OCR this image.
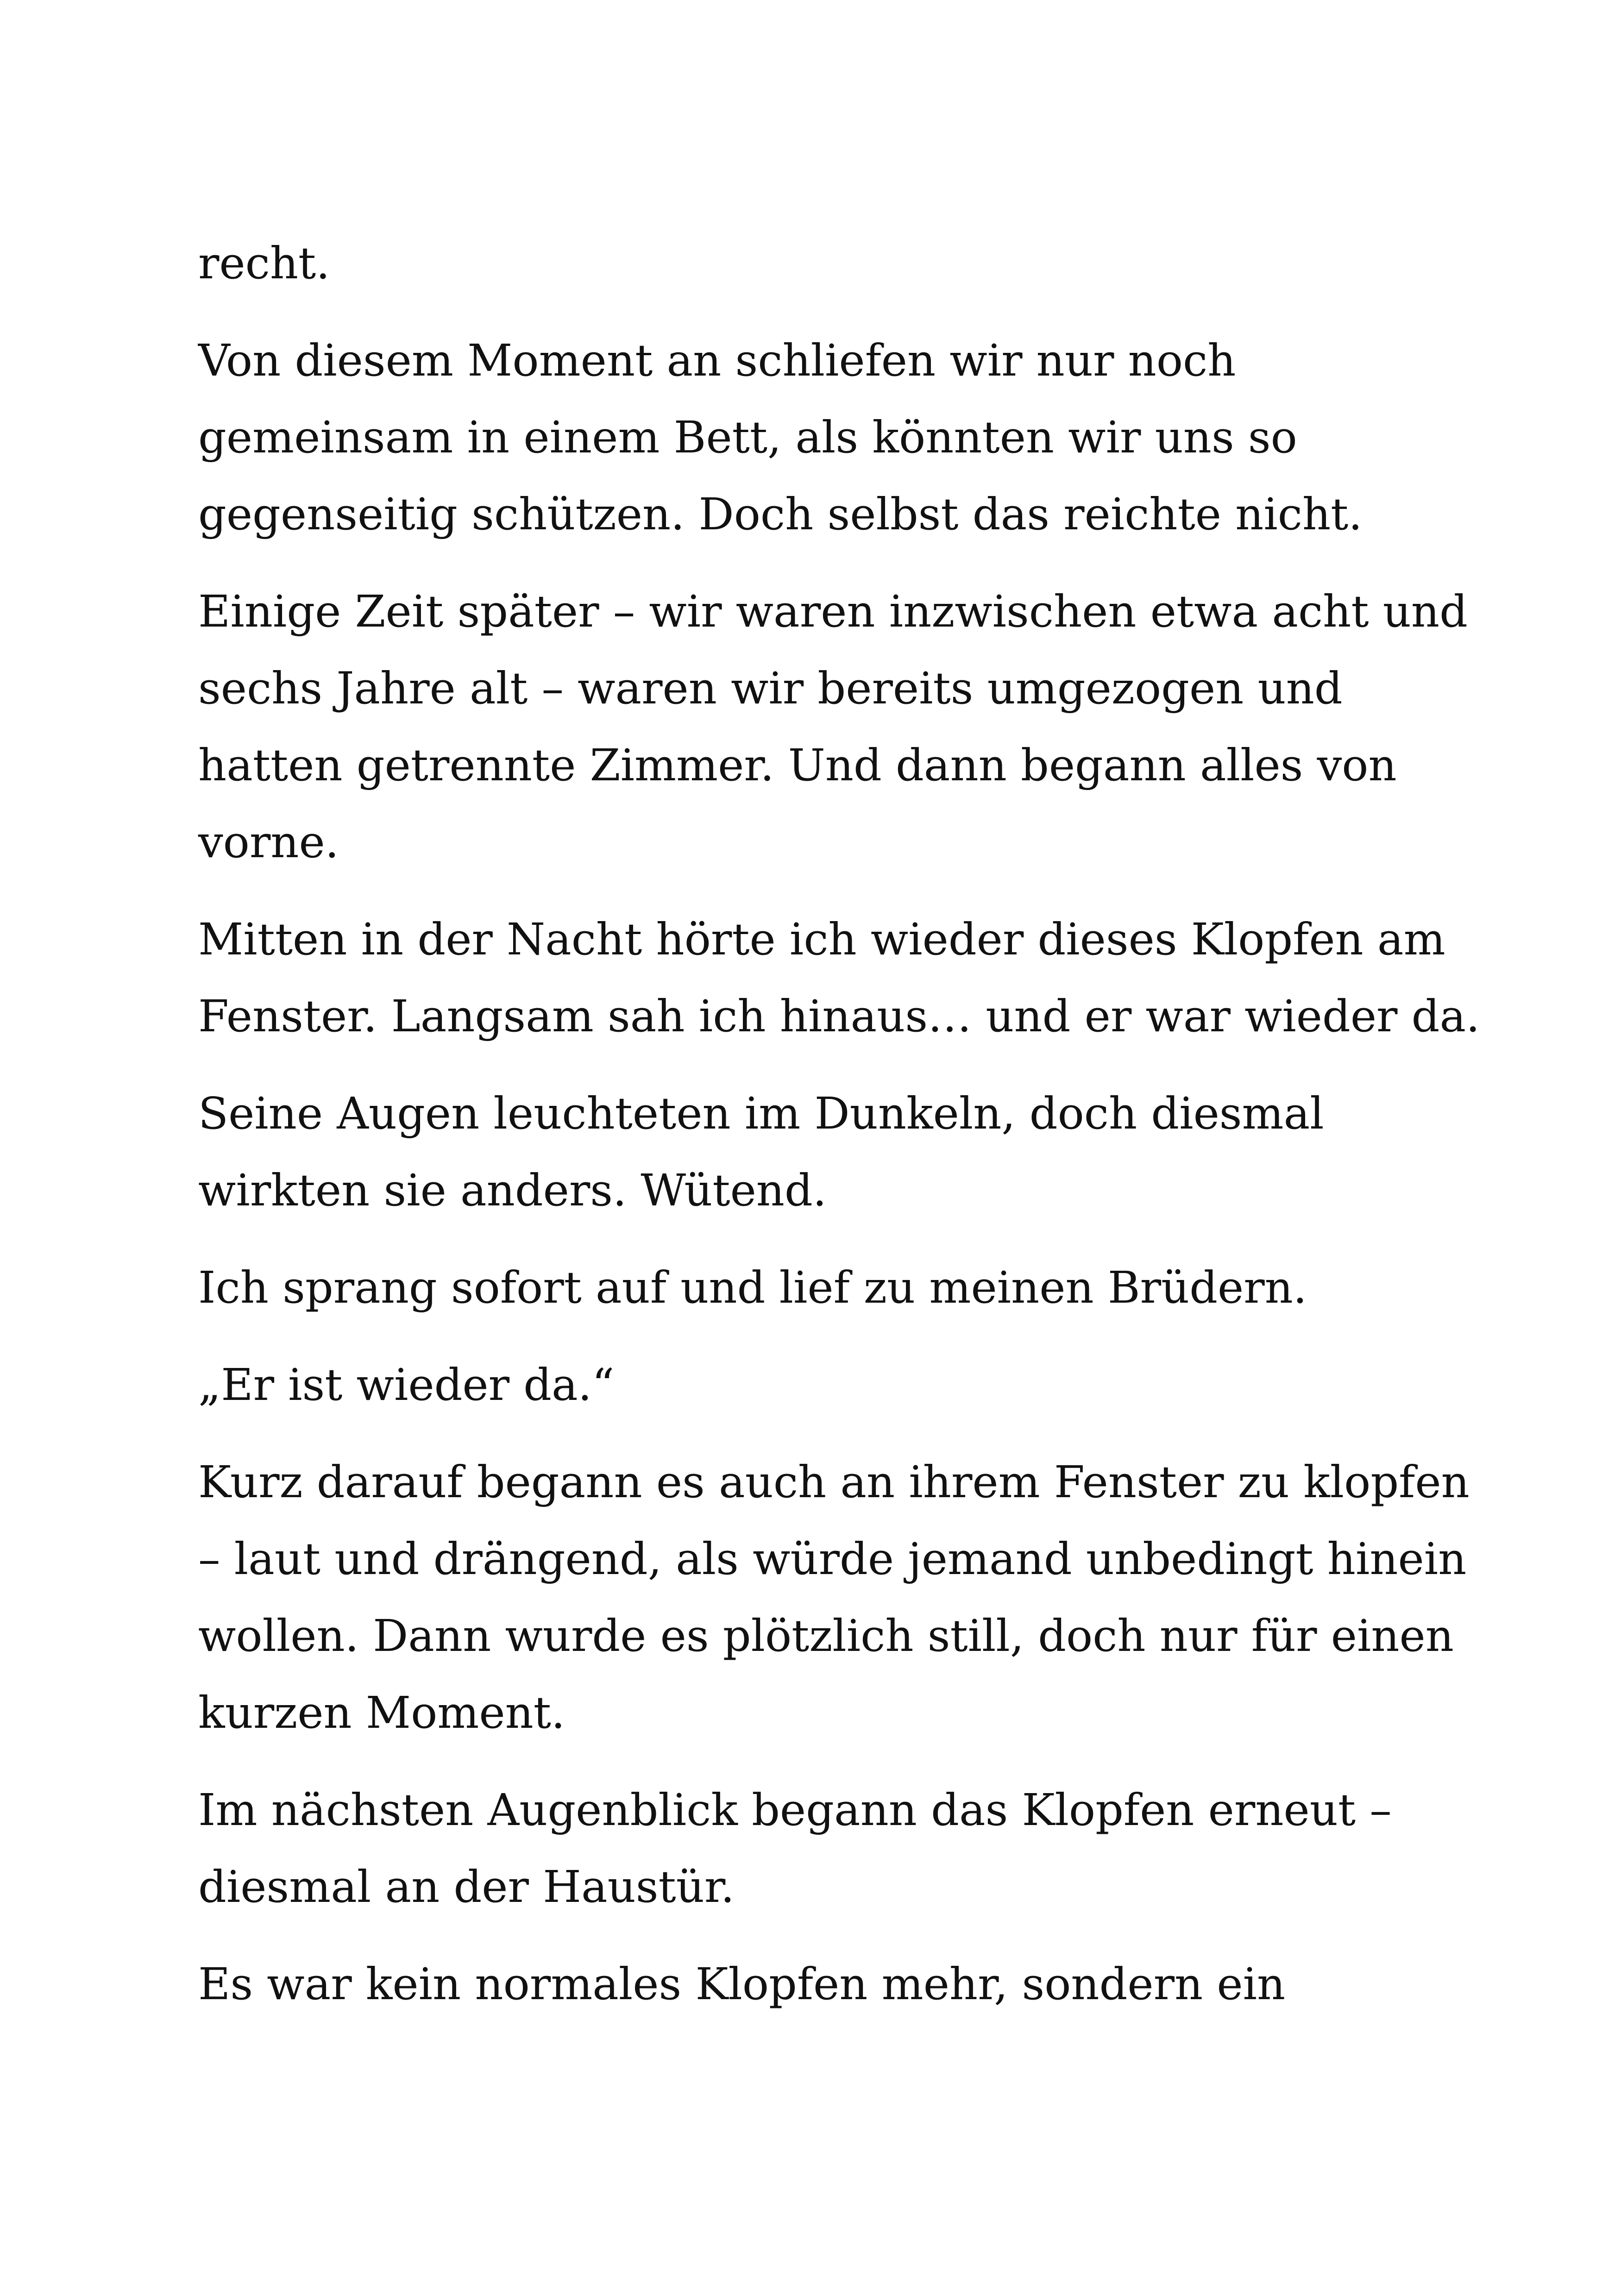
recht.
Von diesem Moment an schliefen wir nur noch
gemeinsam in einem Bett, als könnten wir uns so
gegenseitig schützen. Doch selbst das reichte nicht.
Einige Zeit später – wir waren inzwischen etwa acht und
sechs Jahre alt – waren wir bereits umgezogen und
hatten getrennte Zimmer. Und dann begann alles von
vorne.
Mitten in der Nacht hörte ich wieder dieses Klopfen am
Fenster. Langsam sah ich hinaus… und er war wieder da.
Seine Augen leuchteten im Dunkeln, doch diesmal
wirkten sie anders. Wütend.
Ich sprang sofort auf und lief zu meinen Brüdern.
„Er ist wieder da.“
Kurz darauf begann es auch an ihrem Fenster zu klopfen
– laut und drängend, als würde jemand unbedingt hinein
wollen. Dann wurde es plötzlich still, doch nur für einen
kurzen Moment.
Im nächsten Augenblick begann das Klopfen erneut –
diesmal an der Haustür.
Es war kein normales Klopfen mehr, sondern ein
